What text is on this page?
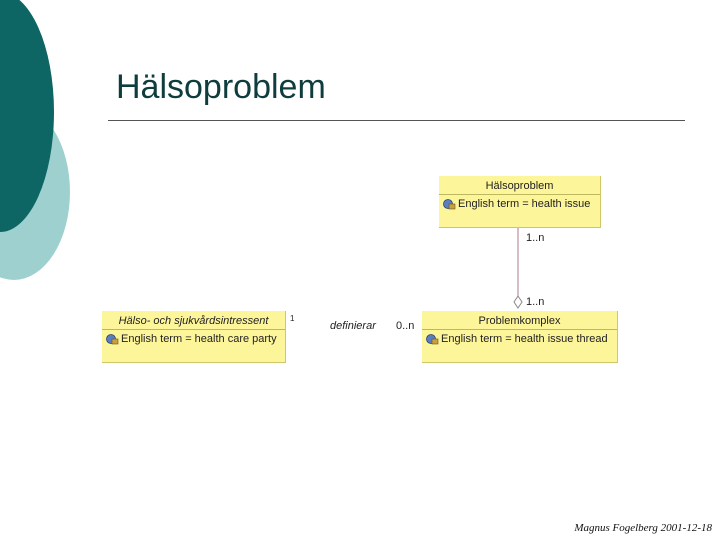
Hälsoproblem
Hälsoproblem
English term = health issue
Problemkomplex
English term = health issue thread
Hälso- och sjukvårdsintressent
English term = health care party
1..n
1..n
definierar
1
0..n
Magnus Fogelberg 2001-12-18
